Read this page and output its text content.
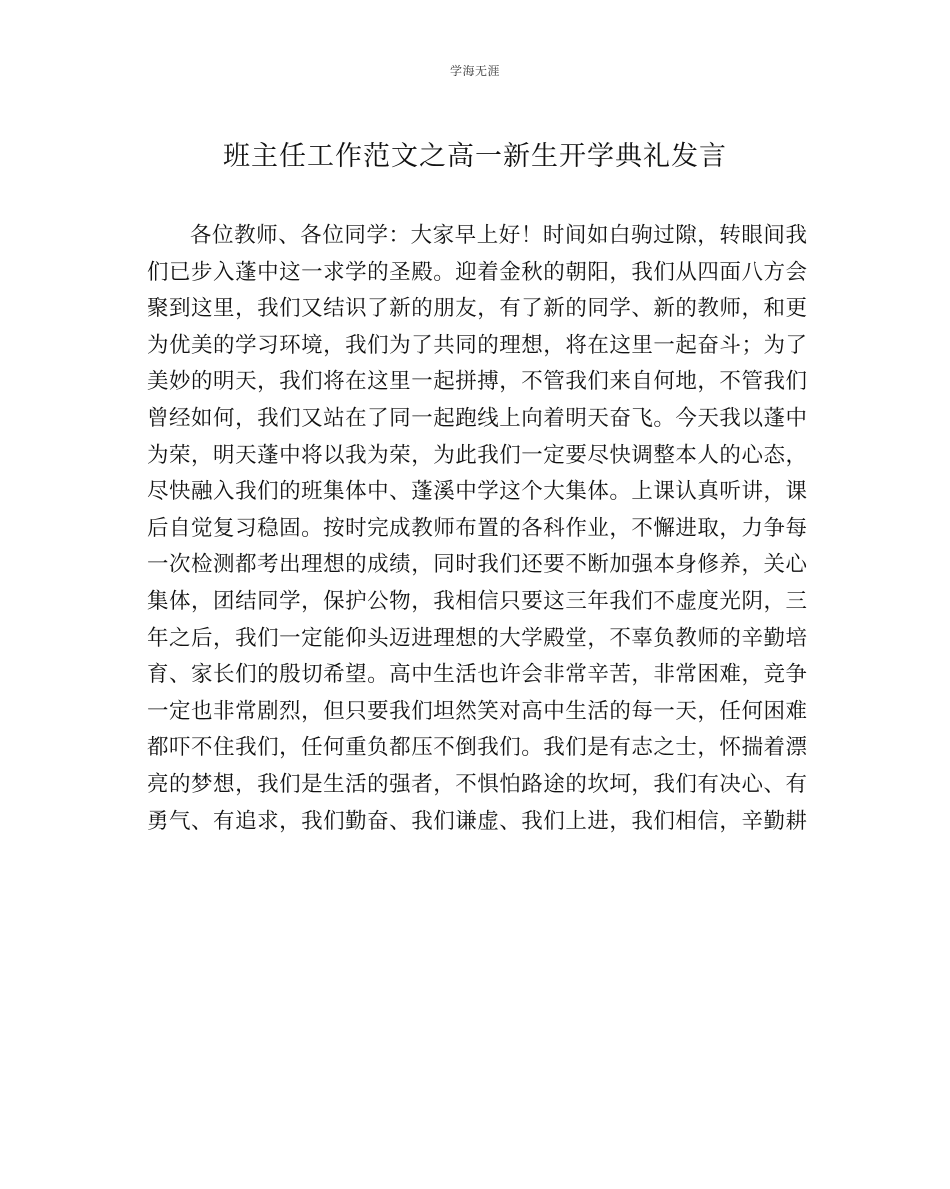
学海无涯
班主任工作范文之高一新生开学典礼发言
各位教师、各位同学：大家早上好！时间如白驹过隙，转眼间我
们已步入蓬中这一求学的圣殿。迎着金秋的朝阳，我们从四面八方会
聚到这里，我们又结识了新的朋友，有了新的同学、新的教师，和更
为优美的学习环境，我们为了共同的理想，将在这里一起奋斗；为了
美妙的明天，我们将在这里一起拼搏，不管我们来自何地，不管我们
曾经如何，我们又站在了同一起跑线上向着明天奋飞。今天我以蓬中
为荣，明天蓬中将以我为荣，为此我们一定要尽快调整本人的心态，
尽快融入我们的班集体中、蓬溪中学这个大集体。上课认真听讲，课
后自觉复习稳固。按时完成教师布置的各科作业，不懈进取，力争每
一次检测都考出理想的成绩，同时我们还要不断加强本身修养，关心
集体，团结同学，保护公物，我相信只要这三年我们不虚度光阴，三
年之后，我们一定能仰头迈进理想的大学殿堂，不辜负教师的辛勤培
育、家长们的殷切希望。高中生活也许会非常辛苦，非常困难，竞争
一定也非常剧烈，但只要我们坦然笑对高中生活的每一天，任何困难
都吓不住我们，任何重负都压不倒我们。我们是有志之士，怀揣着漂
亮的梦想，我们是生活的强者，不惧怕路途的坎坷，我们有决心、有
勇气、有追求，我们勤奋、我们谦虚、我们上进，我们相信，辛勤耕
